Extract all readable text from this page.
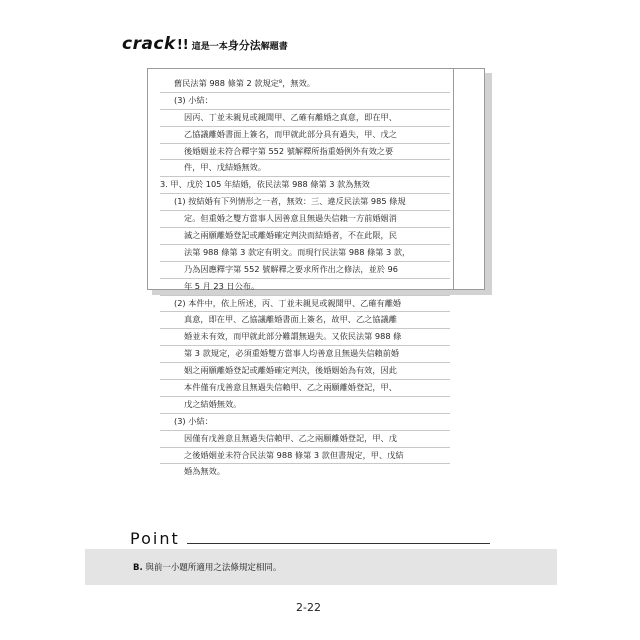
crack !! 這是一本身分法解題書
舊民法第 988 條第 2 款規定⁸，無效。
(3) 小結：
因丙、丁並未親見或親聞甲、乙確有離婚之真意，即在甲、
乙協議離婚書面上簽名，而甲就此部分具有過失，甲、戊之
後婚姻並未符合釋字第 552 號解釋所指重婚例外有效之要
件，甲、戊結婚無效。
3. 甲、戊於 105 年結婚，依民法第 988 條第 3 款為無效
(1) 按結婚有下列情形之一者，無效：三、違反民法第 985 條規
定。但重婚之雙方當事人因善意且無過失信賴一方前婚姻消
滅之兩願離婚登記或離婚確定判決而結婚者，不在此限，民
法第 988 條第 3 款定有明文。而現行民法第 988 條第 3 款，
乃為因應釋字第 552 號解釋之要求所作出之修法，並於 96
年 5 月 23 日公布。
(2) 本件中，依上所述，丙、丁並未親見或親聞甲、乙確有離婚
真意，即在甲、乙協議離婚書面上簽名，故甲、乙之協議離
婚並未有效，而甲就此部分難謂無過失。又依民法第 988 條
第 3 款規定，必須重婚雙方當事人均善意且無過失信賴前婚
姻之兩願離婚登記或離婚確定判決，後婚姻始為有效，因此
本件僅有戊善意且無過失信賴甲、乙之兩願離婚登記，甲、
戊之結婚無效。
(3) 小結：
因僅有戊善意且無過失信賴甲、乙之兩願離婚登記，甲、戊
之後婚姻並未符合民法第 988 條第 3 款但書規定，甲、戊結
婚為無效。
Point
B. 與前一小題所適用之法條規定相同。
2-22
